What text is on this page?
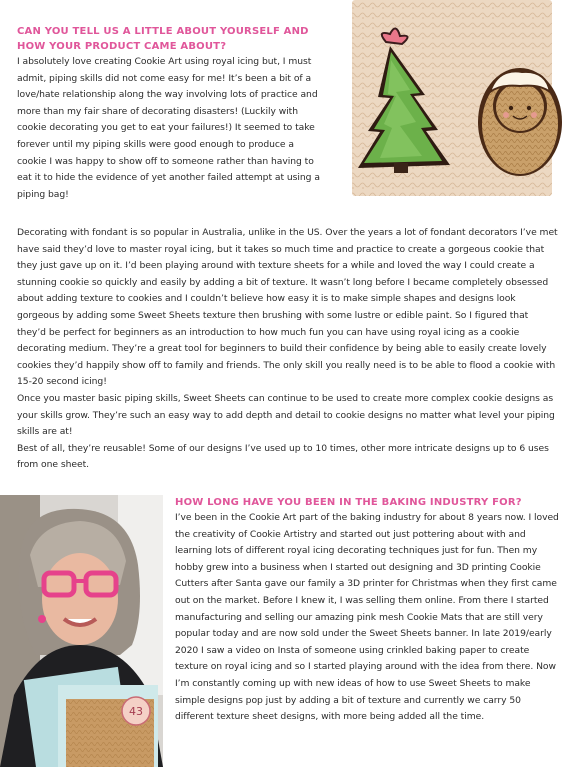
CAN YOU TELL US A LITTLE ABOUT YOURSELF AND HOW YOUR PRODUCT CAME ABOUT?

I absolutely love creating Cookie Art using royal icing but, I must admit, piping skills did not come easy for me! It’s been a bit of a love/hate relationship along the way involving lots of practice and more than my fair share of decorating disasters! (Luckily with cookie decorating you get to eat your failures!) It seemed to take forever until my piping skills were good enough to produce a cookie I was happy to show off to someone rather than having to eat it to hide the evidence of yet another failed attempt at using a piping bag!

Decorating with fondant is so popular in Australia, unlike in the US. Over the years a lot of fondant decorators I’ve met have said they’d love to master royal icing, but it takes so much time and practice to create a gorgeous cookie that they just gave up on it. I’d been playing around with texture sheets for a while and loved the way I could create a stunning cookie so quickly and easily by adding a bit of texture. It wasn’t long before I became completely obsessed about adding texture to cookies and I couldn’t believe how easy it is to make simple shapes and designs look gorgeous by adding some Sweet Sheets texture then brushing with some lustre or edible paint. So I figured that they’d be perfect for beginners as an introduction to how much fun you can have using royal icing as a cookie decorating medium. They’re a great tool for beginners to build their confidence by being able to easily create lovely cookies they’d happily show off to family and friends. The only skill you really need is to be able to flood a cookie with 15-20 second icing!

Once you master basic piping skills, Sweet Sheets can continue to be used to create more complex cookie designs as your skills grow. They’re such an easy way to add depth and detail to cookie designs no matter what level your piping skills are at!

Best of all, they’re reusable! Some of our designs I’ve used up to 10 times, other more intricate designs up to 6 uses from one sheet.

43

HOW LONG HAVE YOU BEEN IN THE BAKING INDUSTRY FOR?

I’ve been in the Cookie Art part of the baking industry for about 8 years now. I loved the creativity of Cookie Artistry and started out just pottering about with and learning lots of different royal icing decorating techniques just for fun. Then my hobby grew into a business when I started out designing and 3D printing Cookie Cutters after Santa gave our family a 3D printer for Christmas when they first came out on the market. Before I knew it, I was selling them online. From there I started manufacturing and selling our amazing pink mesh Cookie Mats that are still very popular today and are now sold under the Sweet Sheets banner. In late 2019/early 2020 I saw a video on Insta of someone using crinkled baking paper to create texture on royal icing and so I started playing around with the idea from there. Now I’m constantly coming up with new ideas of how to use Sweet Sheets to make simple designs pop just by adding a bit of texture and currently we carry 50 different texture sheet designs, with more being added all the time.
